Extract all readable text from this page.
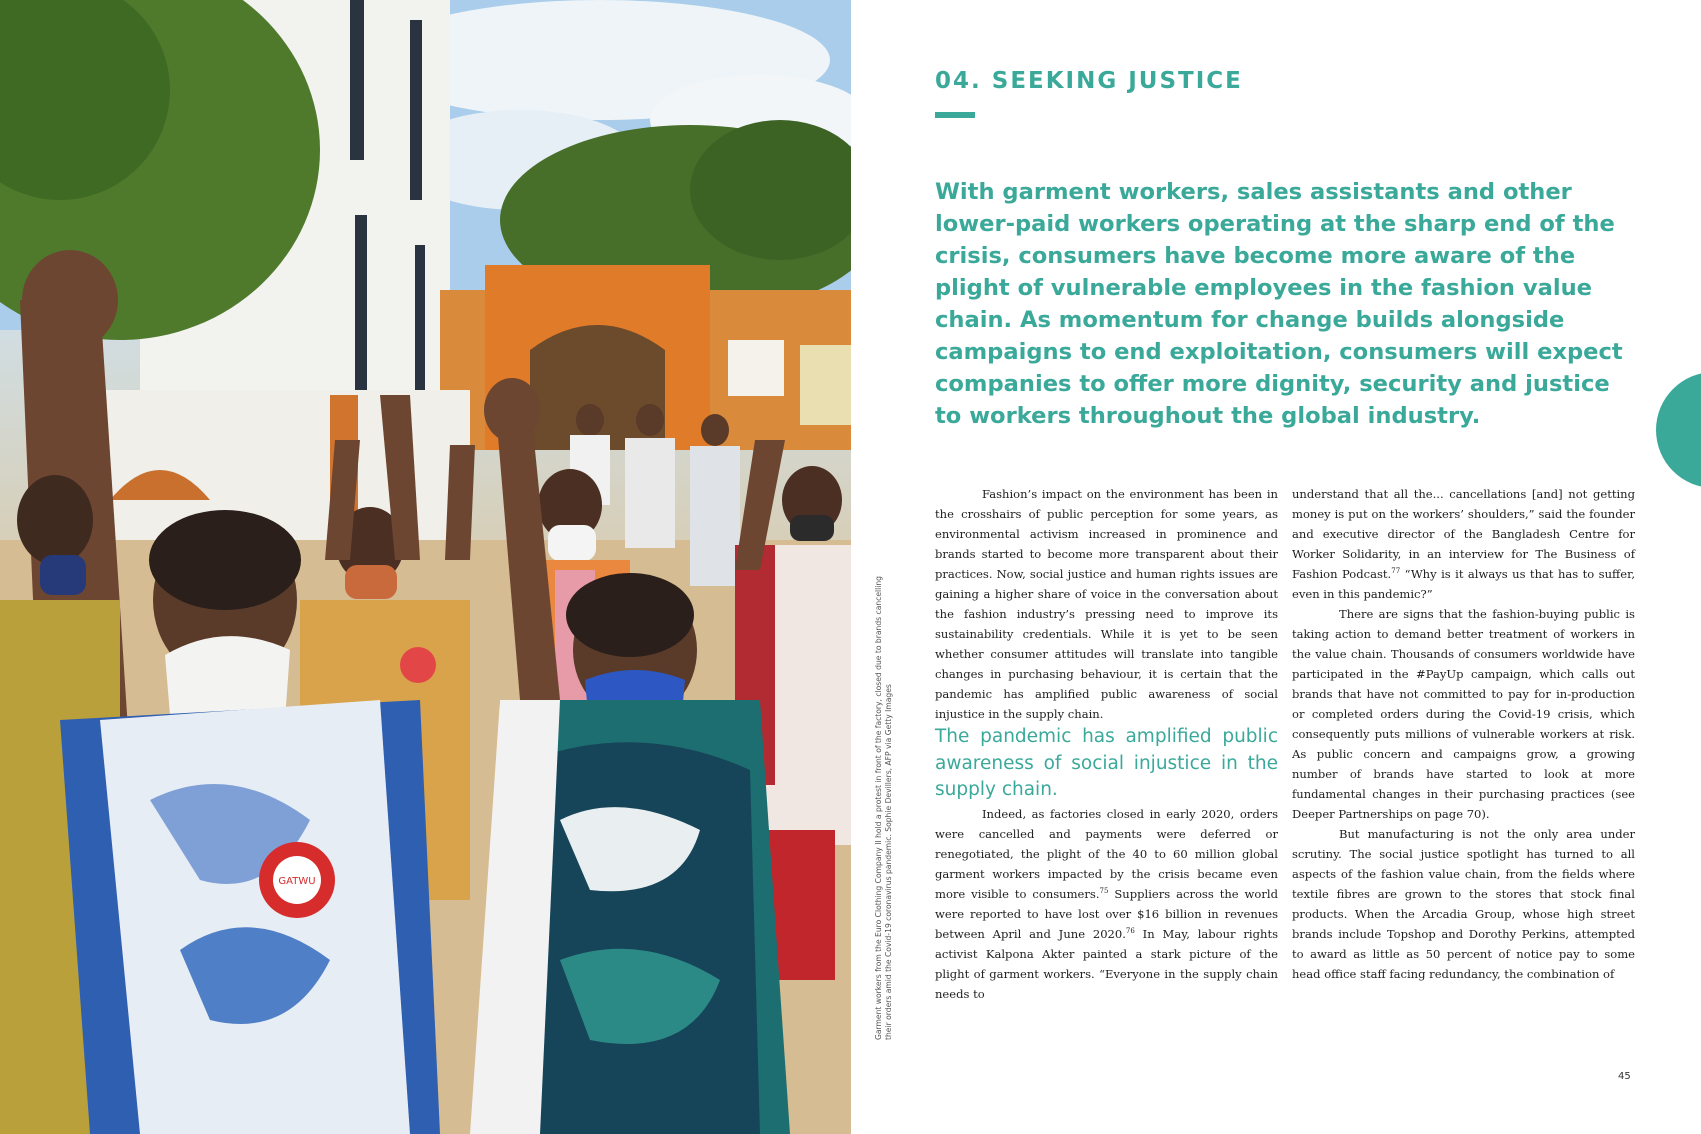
GATWU	Garment workers from the Euro Clothing Company II hold a protest in front of the factory, closed due to brands cancelling their orders amid the Covid-19 coronavirus pandemic. Sophie Devillers, AFP via Getty Images
04. SEEKING JUSTICE

With garment workers, sales assistants and other lower-paid workers operating at the sharp end of the crisis, consumers have become more aware of the plight of vulnerable employees in the fashion value chain. As momentum for change builds alongside campaigns to end exploitation, consumers will expect companies to offer more dignity, security and justice to workers throughout the global industry.

Fashion’s impact on the environment has been in the crosshairs of public perception for some years, as environmental activism increased in prominence and brands started to become more transparent about their practices. Now, social justice and human rights issues are gaining a higher share of voice in the conversation about the fashion industry’s pressing need to improve its sustainability credentials. While it is yet to be seen whether consumer attitudes will translate into tangible changes in purchasing behaviour, it is certain that the pandemic has amplified public awareness of social injustice in the supply chain.

The pandemic has amplified public awareness of social injustice in the supply chain.

Indeed, as factories closed in early 2020, orders were cancelled and payments were deferred or renegotiated, the plight of the 40 to 60 million global garment workers impacted by the crisis became even more visible to consumers.$^{75}$ Suppliers across the world were reported to have lost over $16 billion in revenues between April and June 2020.76 In May, labour rights activist Kalpona Akter painted a stark picture of the plight of garment workers. “Everyone in the supply chain needs to

understand that all the... cancellations [and] not getting money is put on the workers’ shoulders,” said the founder and executive director of the Bangladesh Centre for Worker Solidarity, in an interview for The Business of Fashion Podcast.$^{77}$ “Why is it always us that has to suffer, even in this pandemic?”

There are signs that the fashion-buying public is taking action to demand better treatment of workers in the value chain. Thousands of consumers worldwide have participated in the #PayUp campaign, which calls out brands that have not committed to pay for in-production or completed orders during the Covid-19 crisis, which consequently puts millions of vulnerable workers at risk. As public concern and campaigns grow, a growing number of brands have started to look at more fundamental changes in their purchasing practices (see Deeper Partnerships on page 70).

But manufacturing is not the only area under scrutiny. The social justice spotlight has turned to all aspects of the fashion value chain, from the fields where textile fibres are grown to the stores that stock final products. When the Arcadia Group, whose high street brands include Topshop and Dorothy Perkins, attempted to award as little as 50 percent of notice pay to some head office staff facing redundancy, the combination of

45
